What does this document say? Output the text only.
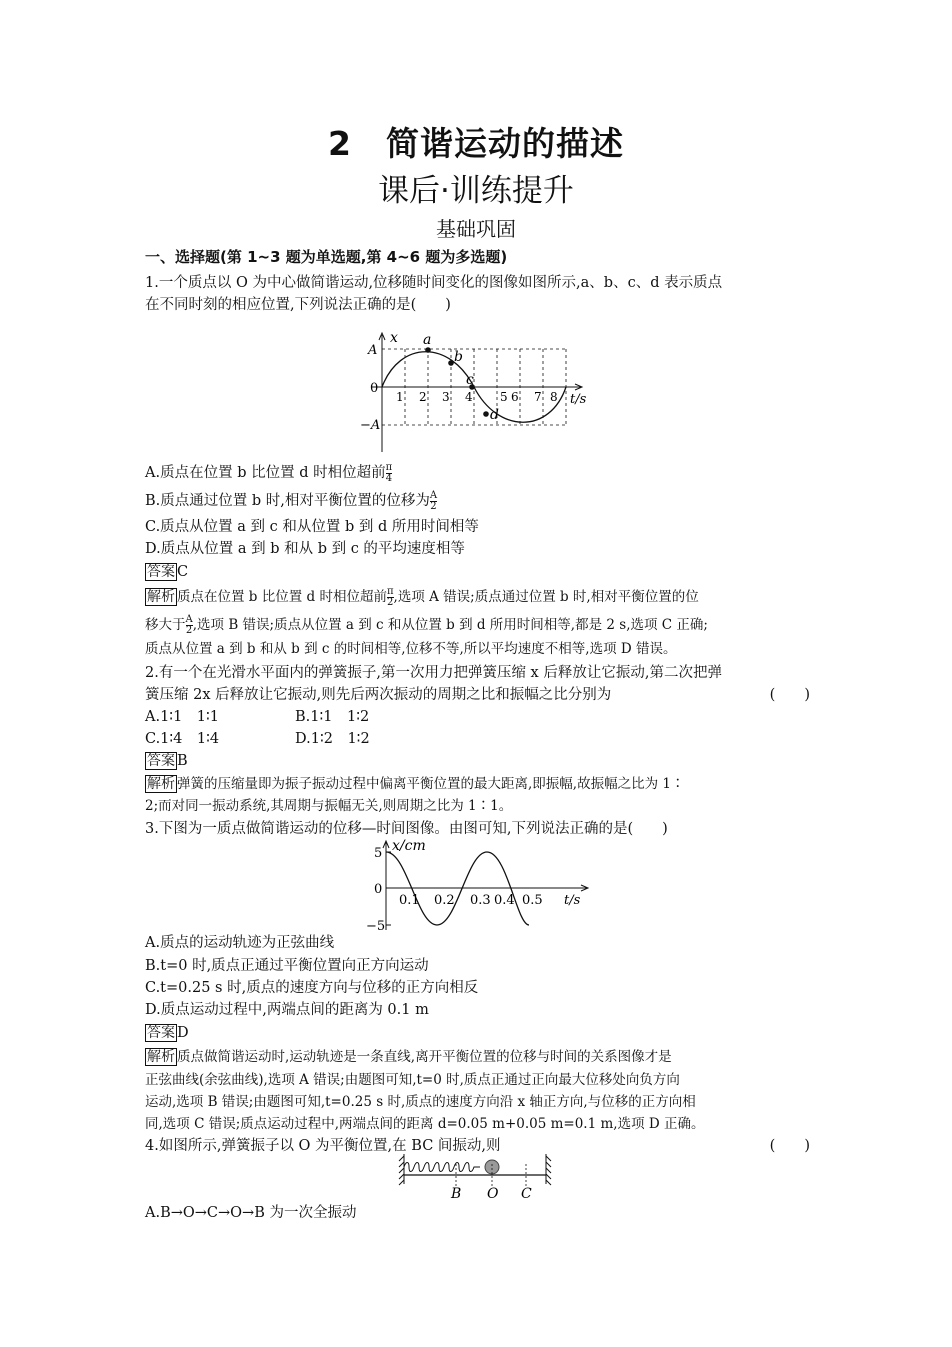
2　简谐运动的描述
课后·训练提升
基础巩固
一、选择题(第 1~3 题为单选题,第 4~6 题为多选题)
1.一个质点以 O 为中心做简谐运动,位移随时间变化的图像如图所示,a、b、c、d 表示质点
在不同时刻的相应位置,下列说法正确的是(　　)
x
A
0
−A
a
b
c
d
1 2 3 4 5 6 7 8 t/s
A.质点在位置 b 比位置 d 时相位超前 $\frac{\pi}{4}$
B.质点通过位置 b 时,相对平衡位置的位移为 $\frac{A}{2}$
C.质点从位置 a 到 c 和从位置 b 到 d 所用时间相等
D.质点从位置 a 到 b 和从 b 到 c 的平均速度相等
答案 C
解析 质点在位置 b 比位置 d 时相位超前 $\frac{\pi}{2}$ ,选项 A 错误;质点通过位置 b 时,相对平衡位置的位
移大于 $\frac{A}{2}$ ,选项 B 错误;质点从位置 a 到 c 和从位置 b 到 d 所用时间相等,都是 2 s,选项 C 正确;
质点从位置 a 到 b 和从 b 到 c 的时间相等,位移不等,所以平均速度不相等,选项 D 错误。
2.有一个在光滑水平面内的弹簧振子,第一次用力把弹簧压缩 x 后释放让它振动,第二次把弹
簧压缩 2x 后释放让它振动,则先后两次振动的周期之比和振幅之比分别为	(　　)
A.1∶1　1∶1	B.1∶1　1∶2
C.1∶4　1∶4	D.1∶2　1∶2
答案 B
解析 弹簧的压缩量即为振子振动过程中偏离平衡位置的最大距离,即振幅,故振幅之比为 1∶
2;而对同一振动系统,其周期与振幅无关,则周期之比为 1∶1。
3.下图为一质点做简谐运动的位移—时间图像。由图可知,下列说法正确的是(　　)
x/cm
5
0
−5
0.1 0.2 0.3 0.4 0.5 t/s
A.质点的运动轨迹为正弦曲线
B.t=0 时,质点正通过平衡位置向正方向运动
C.t=0.25 s 时,质点的速度方向与位移的正方向相反
D.质点运动过程中,两端点间的距离为 0.1 m
答案 D
解析 质点做简谐运动时,运动轨迹是一条直线,离开平衡位置的位移与时间的关系图像才是
正弦曲线(余弦曲线),选项 A 错误;由题图可知,t=0 时,质点正通过正向最大位移处向负方向
运动,选项 B 错误;由题图可知,t=0.25 s 时,质点的速度方向沿 x 轴正方向,与位移的正方向相
同,选项 C 错误;质点运动过程中,两端点间的距离 d=0.05 m+0.05 m=0.1 m,选项 D 正确。
4.如图所示,弹簧振子以 O 为平衡位置,在 BC 间振动,则	(　　)
B O C
A.B→O→C→O→B 为一次全振动
